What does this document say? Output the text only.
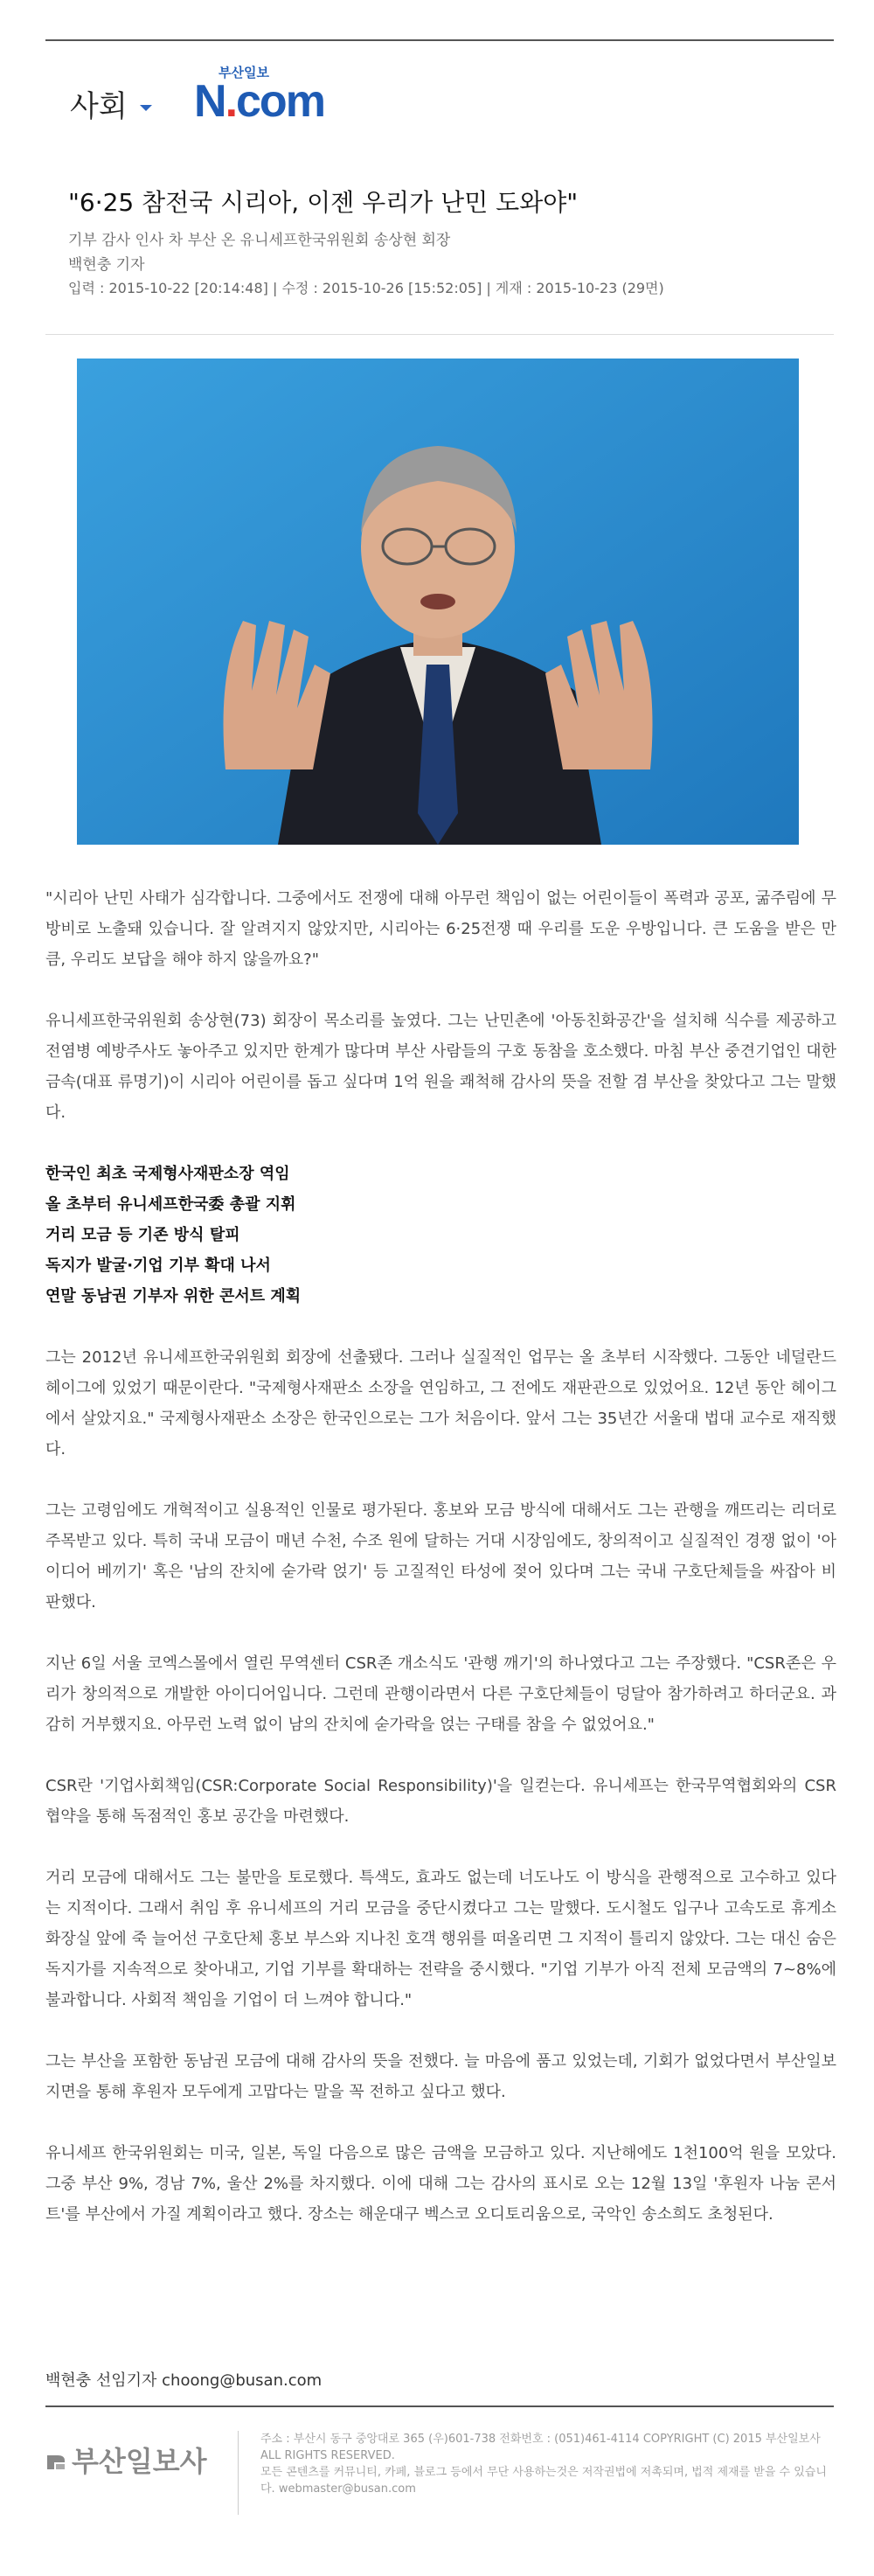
사회
부산일보
N.com
"6·25 참전국 시리아, 이젠 우리가 난민 도와야"
기부 감사 인사 차 부산 온 유니세프한국위원회 송상현 회장
백현충 기자
입력 : 2015-10-22 [20:14:48] | 수정 : 2015-10-26 [15:52:05] | 게재 : 2015-10-23 (29면)

"시리아 난민 사태가 심각합니다. 그중에서도 전쟁에 대해 아무런 책임이 없는 어린이들이 폭력과 공포, 굶주림에 무방비로 노출돼 있습니다. 잘 알려지지 않았지만, 시리아는 6·25전쟁 때 우리를 도운 우방입니다. 큰 도움을 받은 만큼, 우리도 보답을 해야 하지 않을까요?"

유니세프한국위원회 송상현(73) 회장이 목소리를 높였다. 그는 난민촌에 '아동친화공간'을 설치해 식수를 제공하고 전염병 예방주사도 놓아주고 있지만 한계가 많다며 부산 사람들의 구호 동참을 호소했다. 마침 부산 중견기업인 대한금속(대표 류명기)이 시리아 어린이를 돕고 싶다며 1억 원을 쾌척해 감사의 뜻을 전할 겸 부산을 찾았다고 그는 말했다.

한국인 최초 국제형사재판소장 역임
올 초부터 유니세프한국委 총괄 지휘
거리 모금 등 기존 방식 탈피
독지가 발굴·기업 기부 확대 나서
연말 동남권 기부자 위한 콘서트 계획

그는 2012년 유니세프한국위원회 회장에 선출됐다. 그러나 실질적인 업무는 올 초부터 시작했다. 그동안 네덜란드 헤이그에 있었기 때문이란다. "국제형사재판소 소장을 연임하고, 그 전에도 재판관으로 있었어요. 12년 동안 헤이그에서 살았지요." 국제형사재판소 소장은 한국인으로는 그가 처음이다. 앞서 그는 35년간 서울대 법대 교수로 재직했다.

그는 고령임에도 개혁적이고 실용적인 인물로 평가된다. 홍보와 모금 방식에 대해서도 그는 관행을 깨뜨리는 리더로 주목받고 있다. 특히 국내 모금이 매년 수천, 수조 원에 달하는 거대 시장임에도, 창의적이고 실질적인 경쟁 없이 '아이디어 베끼기' 혹은 '남의 잔치에 숟가락 얹기' 등 고질적인 타성에 젖어 있다며 그는 국내 구호단체들을 싸잡아 비판했다.

지난 6일 서울 코엑스몰에서 열린 무역센터 CSR존 개소식도 '관행 깨기'의 하나였다고 그는 주장했다. "CSR존은 우리가 창의적으로 개발한 아이디어입니다. 그런데 관행이라면서 다른 구호단체들이 덩달아 참가하려고 하더군요. 과감히 거부했지요. 아무런 노력 없이 남의 잔치에 숟가락을 얹는 구태를 참을 수 없었어요."

CSR란 '기업사회책임(CSR:Corporate Social Responsibility)'을 일컫는다. 유니세프는 한국무역협회와의 CSR 협약을 통해 독점적인 홍보 공간을 마련했다.

거리 모금에 대해서도 그는 불만을 토로했다. 특색도, 효과도 없는데 너도나도 이 방식을 관행적으로 고수하고 있다는 지적이다. 그래서 취임 후 유니세프의 거리 모금을 중단시켰다고 그는 말했다. 도시철도 입구나 고속도로 휴게소 화장실 앞에 죽 늘어선 구호단체 홍보 부스와 지나친 호객 행위를 떠올리면 그 지적이 틀리지 않았다. 그는 대신 숨은 독지가를 지속적으로 찾아내고, 기업 기부를 확대하는 전략을 중시했다. "기업 기부가 아직 전체 모금액의 7~8%에 불과합니다. 사회적 책임을 기업이 더 느껴야 합니다."

그는 부산을 포함한 동남권 모금에 대해 감사의 뜻을 전했다. 늘 마음에 품고 있었는데, 기회가 없었다면서 부산일보 지면을 통해 후원자 모두에게 고맙다는 말을 꼭 전하고 싶다고 했다.

유니세프 한국위원회는 미국, 일본, 독일 다음으로 많은 금액을 모금하고 있다. 지난해에도 1천100억 원을 모았다. 그중 부산 9%, 경남 7%, 울산 2%를 차지했다. 이에 대해 그는 감사의 표시로 오는 12월 13일 '후원자 나눔 콘서트'를 부산에서 가질 계획이라고 했다. 장소는 해운대구 벡스코 오디토리움으로, 국악인 송소희도 초청된다.

백현충 선임기자 choong@busan.com
부산일보사
주소 : 부산시 동구 중앙대로 365 (우)601-738 전화번호 : (051)461-4114 COPYRIGHT (C) 2015 부산일보사 ALL RIGHTS RESERVED.
모든 콘텐츠를 커뮤니티, 카페, 블로그 등에서 무단 사용하는것은 저작권법에 저촉되며, 법적 제재를 받을 수 있습니다. webmaster@busan.com
